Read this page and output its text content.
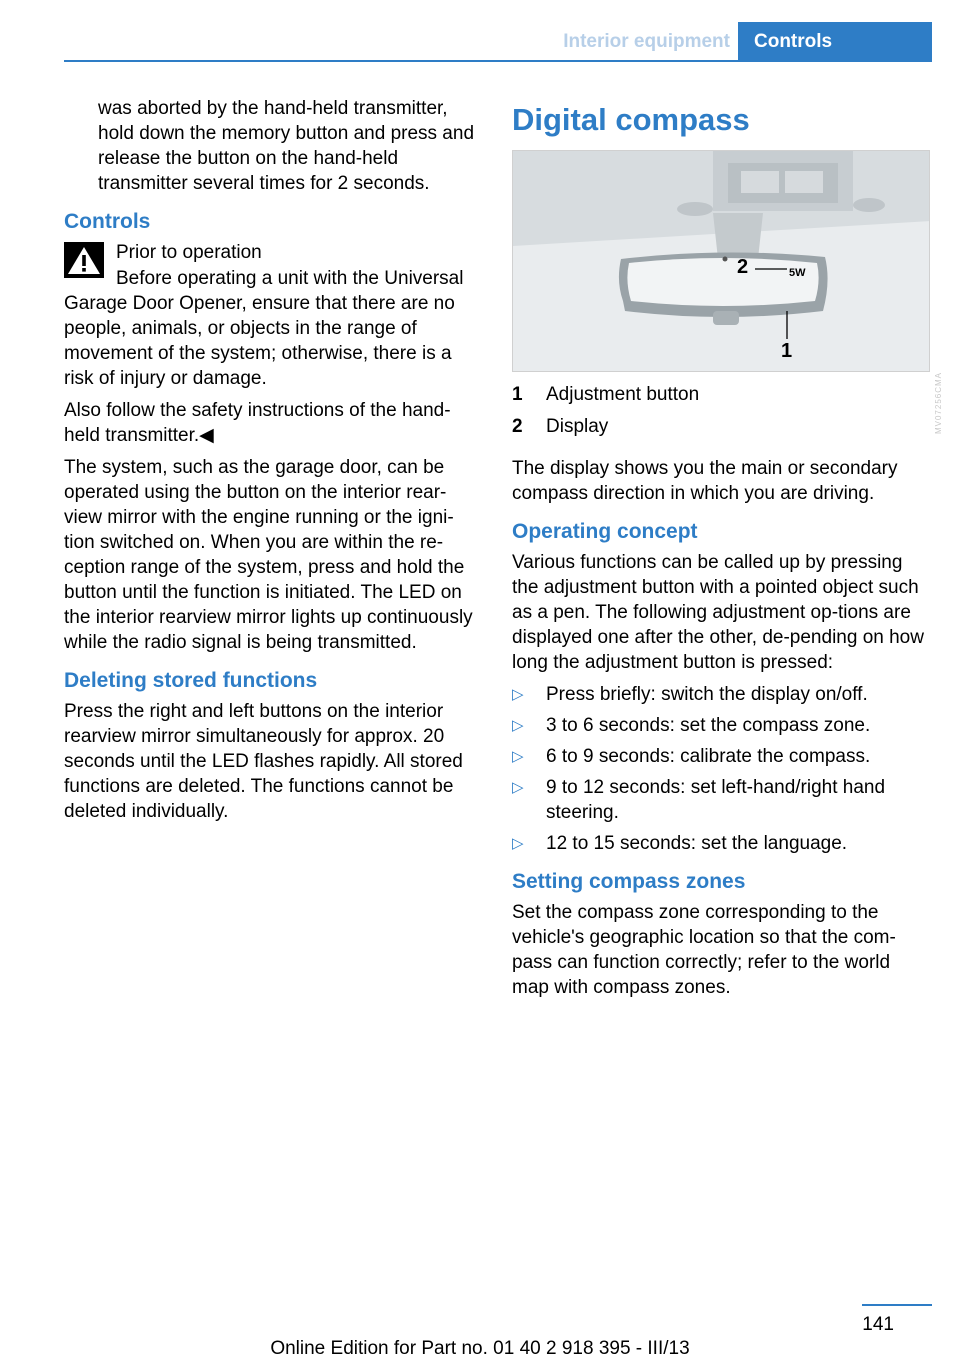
Interior equipment	Controls

was aborted by the hand-held transmitter, hold down the memory button and press and release the button on the hand-held transmitter several times for 2 seconds.

Controls
Prior to operation

Before operating a unit with the Universal Garage Door Opener, ensure that there are no people, animals, or objects in the range of movement of the system; otherwise, there is a risk of injury or damage.

Also follow the safety instructions of the hand-held transmitter.◀

The system, such as the garage door, can be operated using the button on the interior rear-view mirror with the engine running or the igni-tion switched on. When you are within the re-ception range of the system, press and hold the button until the function is initiated. The LED on the interior rearview mirror lights up continuously while the radio signal is being transmitted.

Deleting stored functions

Press the right and left buttons on the interior rearview mirror simultaneously for approx. 20 seconds until the LED flashes rapidly. All stored functions are deleted. The functions cannot be deleted individually.

Digital compass
2	5W
1
1	Adjustment button
2	Display

The display shows you the main or secondary compass direction in which you are driving.

Operating concept

Various functions can be called up by pressing the adjustment button with a pointed object such as a pen. The following adjustment op-tions are displayed one after the other, de-pending on how long the adjustment button is pressed:

▷ Press briefly: switch the display on/off.
▷ 3 to 6 seconds: set the compass zone.
▷ 6 to 9 seconds: calibrate the compass.
▷ 9 to 12 seconds: set left-hand/right hand steering.
▷ 12 to 15 seconds: set the language.
Setting compass zones

Set the compass zone corresponding to the vehicle's geographic location so that the com-pass can function correctly; refer to the world map with compass zones.

MV07256CMA
141
Online Edition for Part no. 01 40 2 918 395 - III/13
